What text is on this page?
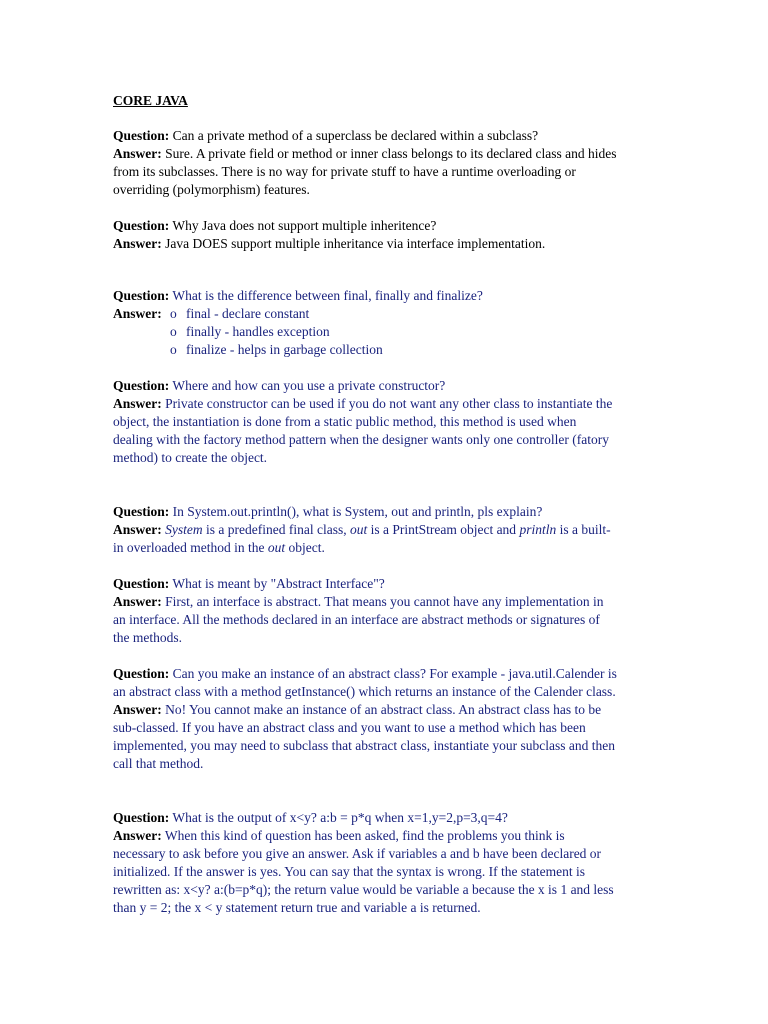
CORE JAVA
Question: Can a private method of a superclass be declared within a subclass?
Answer: Sure. A private field or method or inner class belongs to its declared class and hides
from its subclasses. There is no way for private stuff to have a runtime overloading or
overriding (polymorphism) features.
Question: Why Java does not support multiple inheritence?
Answer: Java DOES support multiple inheritance via interface implementation.
Question: What is the difference between final, finally and finalize?
Answer: o final - declare constant
o finally - handles exception
o finalize - helps in garbage collection
Question: Where and how can you use a private constructor?
Answer: Private constructor can be used if you do not want any other class to instantiate the
object, the instantiation is done from a static public method, this method is used when
dealing with the factory method pattern when the designer wants only one controller (fatory
method) to create the object.
Question: In System.out.println(), what is System, out and println, pls explain?
Answer: System is a predefined final class, out is a PrintStream object and println is a built-
in overloaded method in the out object.
Question: What is meant by "Abstract Interface"?
Answer: First, an interface is abstract. That means you cannot have any implementation in
an interface. All the methods declared in an interface are abstract methods or signatures of
the methods.
Question: Can you make an instance of an abstract class? For example - java.util.Calender is
an abstract class with a method getInstance() which returns an instance of the Calender class.
Answer: No! You cannot make an instance of an abstract class. An abstract class has to be
sub-classed. If you have an abstract class and you want to use a method which has been
implemented, you may need to subclass that abstract class, instantiate your subclass and then
call that method.
Question: What is the output of x<y? a:b = p*q when x=1,y=2,p=3,q=4?
Answer: When this kind of question has been asked, find the problems you think is
necessary to ask before you give an answer. Ask if variables a and b have been declared or
initialized. If the answer is yes. You can say that the syntax is wrong. If the statement is
rewritten as: x<y? a:(b=p*q); the return value would be variable a because the x is 1 and less
than y = 2; the x < y statement return true and variable a is returned.
